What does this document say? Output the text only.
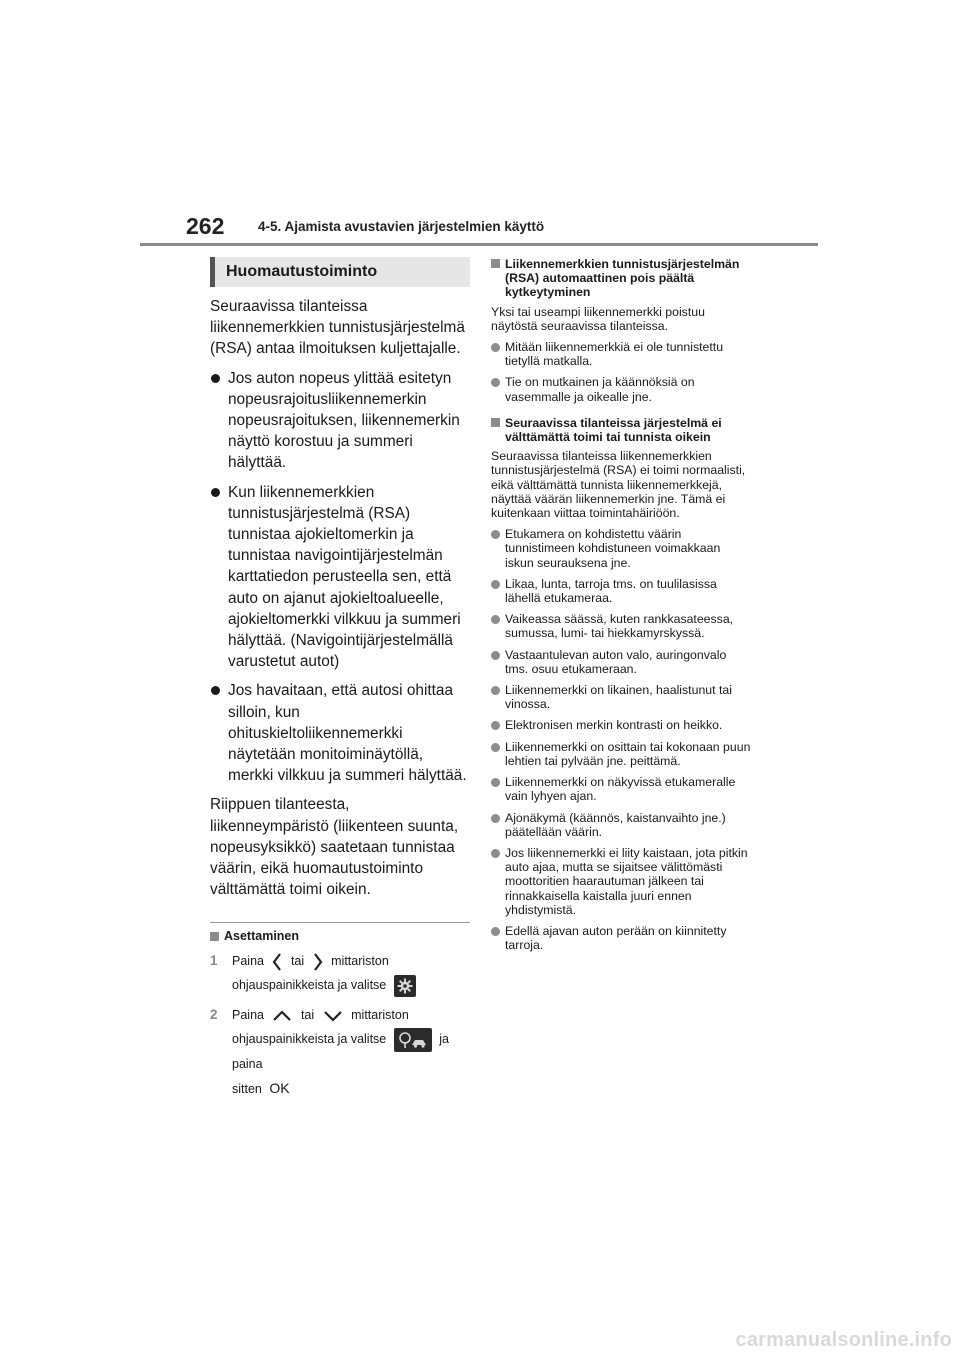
262 4-5. Ajamista avustavien järjestelmien käyttö
Huomautustoiminto

Seuraavissa tilanteissa liikennemerkkien tunnistusjärjestelmä (RSA) antaa ilmoituksen kuljettajalle.

Jos auton nopeus ylittää esitetyn nopeusrajoitusliikennemerkin nopeusrajoituksen, liikennemerkin näyttö korostuu ja summeri hälyttää.
Kun liikennemerkkien tunnistusjärjestelmä (RSA) tunnistaa ajokieltomerkin ja tunnistaa navigointijärjestelmän karttatiedon perusteella sen, että auto on ajanut ajokieltoalueelle, ajokieltomerkki vilkkuu ja summeri hälyttää. (Navigointijärjestelmällä varustetut autot)
Jos havaitaan, että autosi ohittaa silloin, kun ohituskieltoliikennemerkki näytetään monitoiminäytöllä, merkki vilkkuu ja summeri hälyttää.

Riippuen tilanteesta, liikenneympäristö (liikenteen suunta, nopeusyksikkö) saatetaan tunnistaa väärin, eikä huomautustoiminto välttämättä toimi oikein.

Asettaminen
1 Paina tai mittariston ohjauspainikkeista ja valitse
2 Paina	tai	mittariston ohjauspainikkeista ja valitse	ja paina
sitten OK
Liikennemerkkien tunnistusjärjestelmän (RSA) automaattinen pois päältä kytkeytyminen

Yksi tai useampi liikennemerkki poistuu näytöstä seuraavissa tilanteissa.

Mitään liikennemerkkiä ei ole tunnistettu tietyllä matkalla.
Tie on mutkainen ja käännöksiä on vasemmalle ja oikealle jne.
Seuraavissa tilanteissa järjestelmä ei välttämättä toimi tai tunnista oikein

Seuraavissa tilanteissa liikennemerkkien tunnistusjärjestelmä (RSA) ei toimi normaalisti, eikä välttämättä tunnista liikennemerkkejä, näyttää väärän liikennemerkin jne. Tämä ei kuitenkaan viittaa toimintahäiriöön.

Etukamera on kohdistettu väärin tunnistimeen kohdistuneen voimakkaan iskun seurauksena jne.
Likaa, lunta, tarroja tms. on tuulilasissa lähellä etukameraa.
Vaikeassa säässä, kuten rankkasateessa, sumussa, lumi- tai hiekkamyrskyssä.
Vastaantulevan auton valo, auringonvalo tms. osuu etukameraan.
Liikennemerkki on likainen, haalistunut tai vinossa.
Elektronisen merkin kontrasti on heikko.
Liikennemerkki on osittain tai kokonaan puun lehtien tai pylvään jne. peittämä.
Liikennemerkki on näkyvissä etukameralle vain lyhyen ajan.
Ajonäkymä (käännös, kaistanvaihto jne.) päätellään väärin.
Jos liikennemerkki ei liity kaistaan, jota pitkin auto ajaa, mutta se sijaitsee välittömästi moottoritien haarautuman jälkeen tai rinnakkaisella kaistalla juuri ennen yhdistymistä.
Edellä ajavan auton perään on kiinnitetty tarroja.
carmanualsonline.info
